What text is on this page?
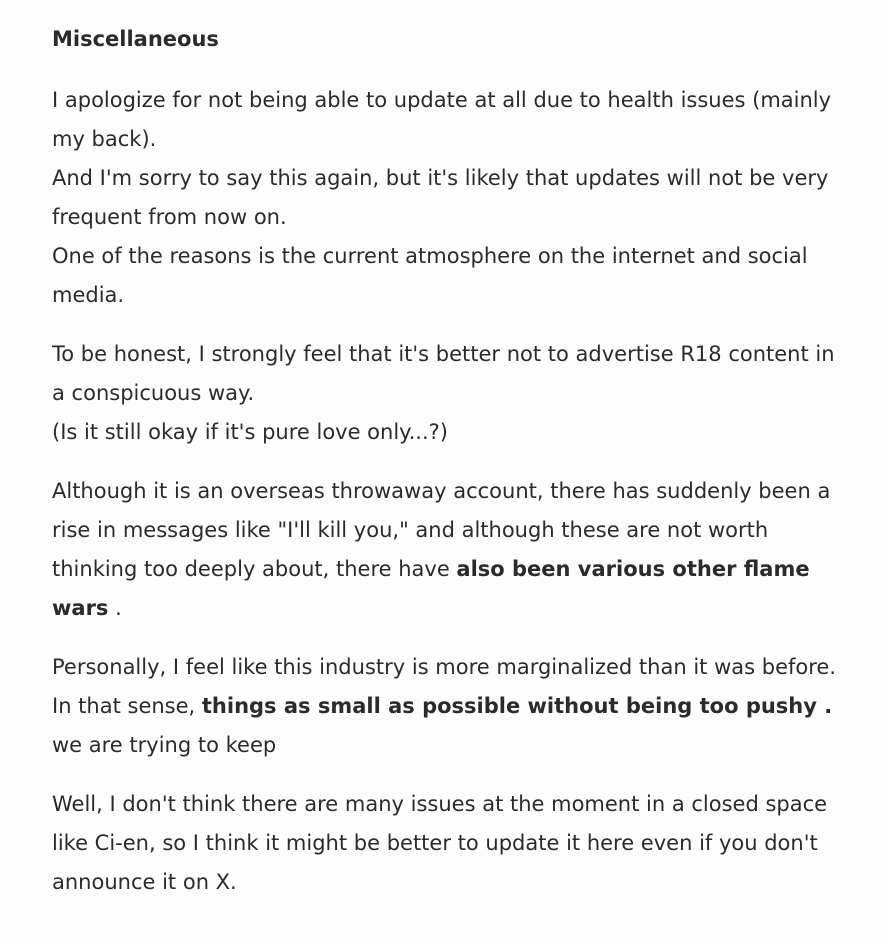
Miscellaneous

I apologize for not being able to update at all due to health issues (mainly my back).
And I'm sorry to say this again, but it's likely that updates will not be very frequent from now on.
One of the reasons is the current atmosphere on the internet and social media.

To be honest, I strongly feel that it's better not to advertise R18 content in a conspicuous way.
(Is it still okay if it's pure love only...?)

Although it is an overseas throwaway account, there has suddenly been a rise in messages like "I'll kill you," and although these are not worth thinking too deeply about, there have also been various other flame wars .

Personally, I feel like this industry is more marginalized than it was before.
In that sense, things as small as possible without being too pushy . we are trying to keep

Well, I don't think there are many issues at the moment in a closed space like Ci-en, so I think it might be better to update it here even if you don't announce it on X.
